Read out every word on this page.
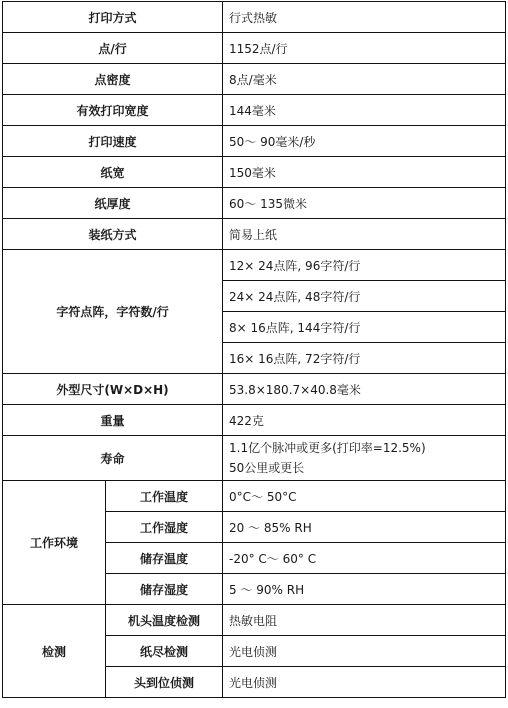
打印方式		行式热敏
点/行		1152点/行
点密度		8点/毫米
有效打印宽度		144毫米
打印速度		50～ 90毫米/秒
纸宽		150毫米
纸厚度		60～ 135微米
装纸方式		简易上纸
字符点阵，字符数/行		12× 24点阵, 96字符/行
		24× 24点阵, 48字符/行
		8× 16点阵, 144字符/行
		16× 16点阵, 72字符/行
外型尺寸(W×D×H)		53.8×180.7×40.8毫米
重量		422克
寿命		1.1亿个脉冲或更多(打印率=12.5%)
50公里或更长

工作环境	工作温度	0°C～ 50°C
	工作湿度	20 ～ 85% RH
	储存温度	-20° C～ 60° C
	储存湿度	5 ～ 90% RH
检测	机头温度检测	热敏电阻
	纸尽检测	光电侦测
	头到位侦测	光电侦测
